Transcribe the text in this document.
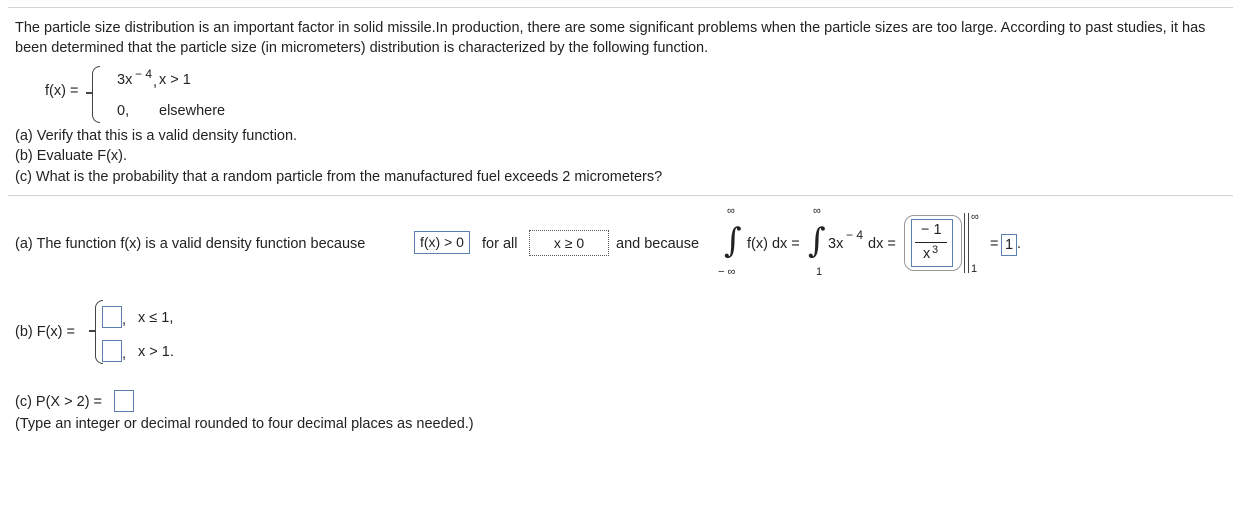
The particle size distribution is an important factor in solid missile.In production, there are some significant problems when the particle sizes are too large. According to past studies, it has been determined that the particle size (in micrometers) distribution is characterized by the following function.
f(x) =
3x − 4 , x > 1
0, elsewhere
(a) Verify that this is a valid density function.
(b) Evaluate F(x).
(c) What is the probability that a random particle from the manufactured fuel exceeds 2 micrometers?
(a) The function f(x) is a valid density function because	f(x) > 0	for all	x ≥ 0	and because
∞
∫
− ∞
f(x) dx =
∞
∫
1
3x
− 4
dx =
− 1
x 3
∞
1
= 1 .
(b) F(x) =
, x ≤ 1,
, x > 1.
(c) P(X > 2) =
(Type an integer or decimal rounded to four decimal places as needed.)
